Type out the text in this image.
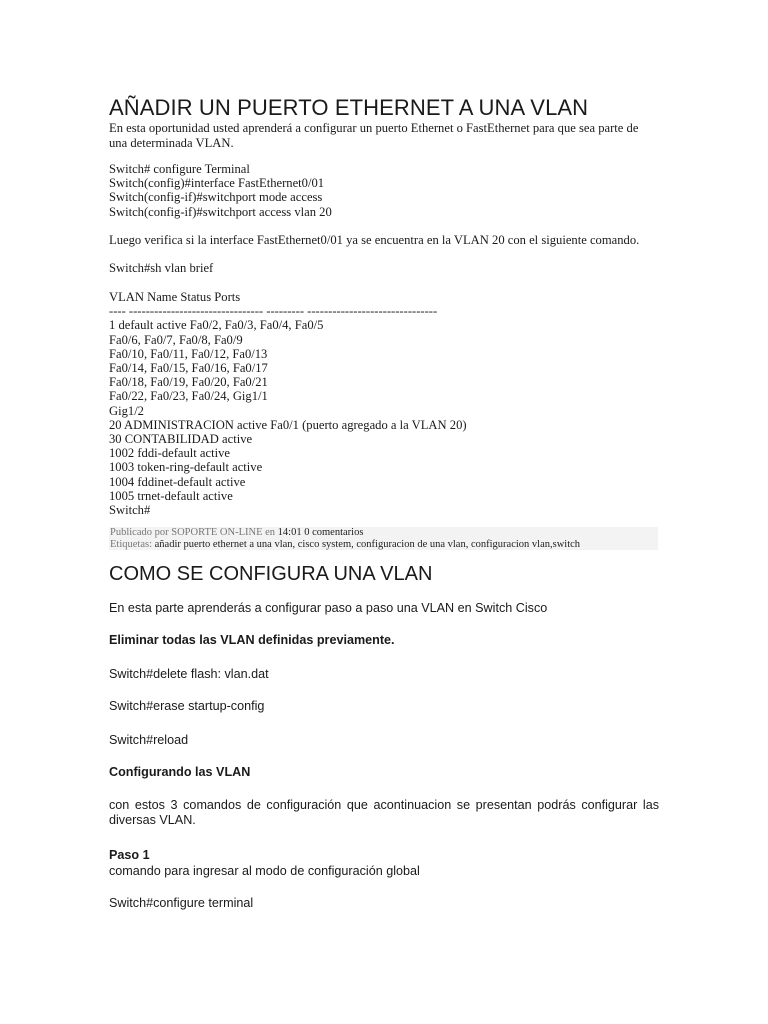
AÑADIR UN PUERTO ETHERNET A UNA VLAN
En esta oportunidad usted aprenderá a configurar un puerto Ethernet o FastEthernet para que sea parte de una determinada VLAN.
Switch# configure Terminal
Switch(config)#interface FastEthernet0/01
Switch(config-if)#switchport mode access
Switch(config-if)#switchport access vlan 20
Luego verifica si la interface FastEthernet0/01 ya se encuentra en la VLAN 20 con el siguiente comando.
Switch#sh vlan brief
VLAN Name Status Ports
---- -------------------------------- --------- -------------------------------
1 default active Fa0/2, Fa0/3, Fa0/4, Fa0/5
Fa0/6, Fa0/7, Fa0/8, Fa0/9
Fa0/10, Fa0/11, Fa0/12, Fa0/13
Fa0/14, Fa0/15, Fa0/16, Fa0/17
Fa0/18, Fa0/19, Fa0/20, Fa0/21
Fa0/22, Fa0/23, Fa0/24, Gig1/1
Gig1/2
20 ADMINISTRACION active Fa0/1 (puerto agregado a la VLAN 20)
30 CONTABILIDAD active
1002 fddi-default active
1003 token-ring-default active
1004 fddinet-default active
1005 trnet-default active
Switch#
Publicado por SOPORTE ON-LINE en 14:01 0 comentarios
Etiquetas: añadir puerto ethernet a una vlan, cisco system, configuracion de una vlan, configuracion vlan,switch
COMO SE CONFIGURA UNA VLAN
En esta parte aprenderás a configurar paso a paso una VLAN en Switch Cisco
Eliminar todas las VLAN definidas previamente.
Switch#delete flash: vlan.dat
Switch#erase startup-config
Switch#reload
Configurando las VLAN
con estos 3 comandos de configuración que acontinuacion se presentan podrás configurar las diversas VLAN.
Paso 1
comando para ingresar al modo de configuración global
Switch#configure terminal
